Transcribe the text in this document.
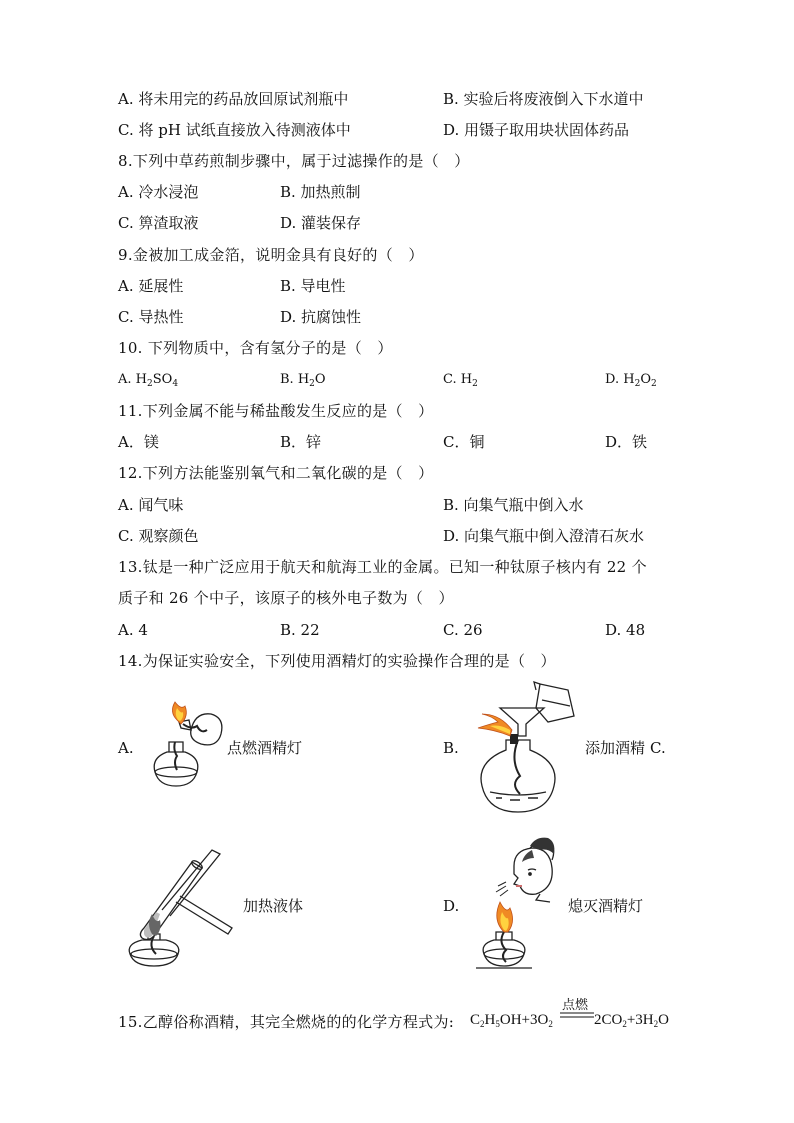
A. 将未用完的药品放回原试剂瓶中	B. 实验后将废液倒入下水道中
C. 将 pH 试纸直接放入待测液体中	D. 用镊子取用块状固体药品
8.下列中草药煎制步骤中，属于过滤操作的是（　）
A. 冷水浸泡	B. 加热煎制
C. 箅渣取液	D. 灌装保存
9.金被加工成金箔，说明金具有良好的（　）
A. 延展性	B. 导电性
C. 导热性	D. 抗腐蚀性
10. 下列物质中，含有氢分子的是（　）
A. $H_2SO_4$	B. $H_2O$	C. $H_2$	D. $H_2O_2$
11.下列金属不能与稀盐酸发生反应的是（　）
A．镁	B．锌	C．铜	D．铁
12.下列方法能鉴别氧气和二氧化碳的是（　）
A. 闻气味	B. 向集气瓶中倒入水
C. 观察颜色	D. 向集气瓶中倒入澄清石灰水
13.钛是一种广泛应用于航天和航海工业的金属。已知一种钛原子核内有 22 个
质子和 26 个中子，该原子的核外电子数为（　）
A. 4	B. 22	C. 26	D. 48
14.为保证实验安全，下列使用酒精灯的实验操作合理的是（　）
A.	点燃酒精灯	B.	添加酒精 C.
加热液体	D.	熄灭酒精灯
15.乙醇俗称酒精，其完全燃烧的的化学方程式为: $C_2H_5OH+3O_2$
点燃
$2CO_2+3H_2O$
